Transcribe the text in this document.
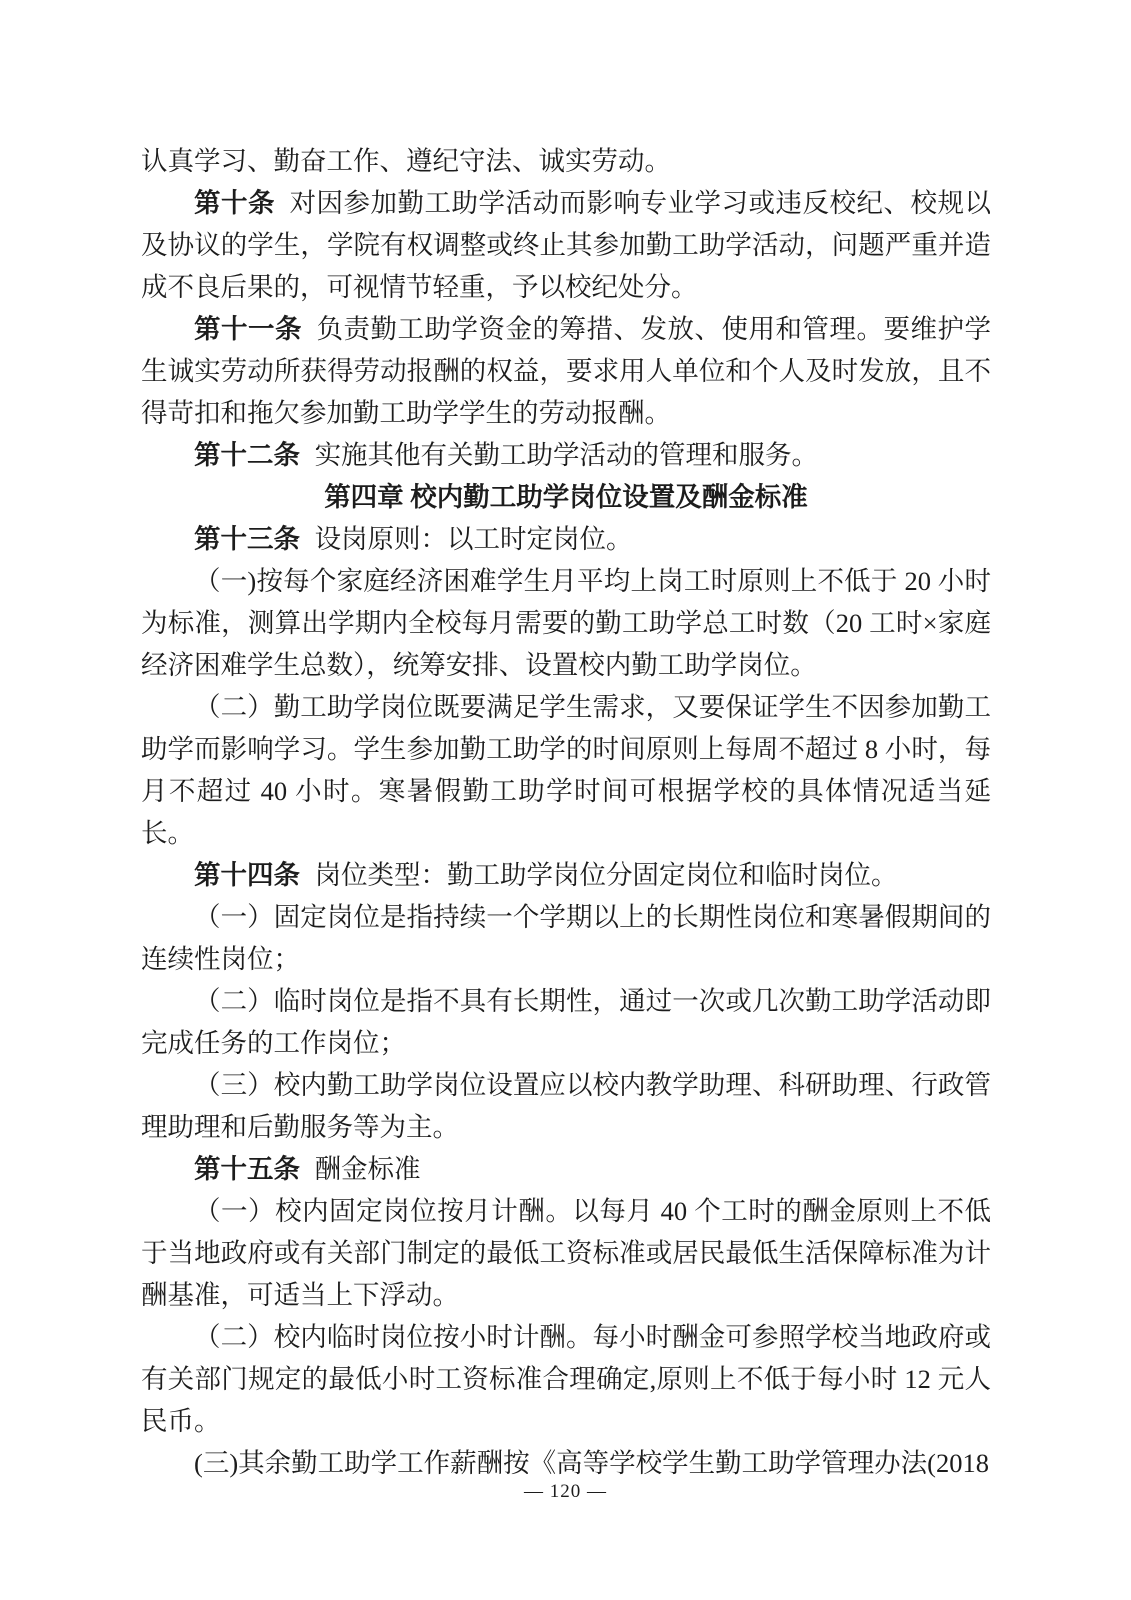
认真学习、勤奋工作、遵纪守法、诚实劳动。

第十条 对因参加勤工助学活动而影响专业学习或违反校纪、校规以及协议的学生，学院有权调整或终止其参加勤工助学活动，问题严重并造成不良后果的，可视情节轻重，予以校纪处分。

第十一条 负责勤工助学资金的筹措、发放、使用和管理。要维护学生诚实劳动所获得劳动报酬的权益，要求用人单位和个人及时发放，且不得苛扣和拖欠参加勤工助学学生的劳动报酬。

第十二条 实施其他有关勤工助学活动的管理和服务。

第四章 校内勤工助学岗位设置及酬金标准

第十三条 设岗原则：以工时定岗位。

（一)按每个家庭经济困难学生月平均上岗工时原则上不低于 20 小时为标准，测算出学期内全校每月需要的勤工助学总工时数（20 工时×家庭经济困难学生总数），统筹安排、设置校内勤工助学岗位。

（二）勤工助学岗位既要满足学生需求，又要保证学生不因参加勤工助学而影响学习。学生参加勤工助学的时间原则上每周不超过 8 小时，每月不超过 40 小时。寒暑假勤工助学时间可根据学校的具体情况适当延长。

第十四条 岗位类型：勤工助学岗位分固定岗位和临时岗位。

（一）固定岗位是指持续一个学期以上的长期性岗位和寒暑假期间的连续性岗位；

（二）临时岗位是指不具有长期性，通过一次或几次勤工助学活动即完成任务的工作岗位；

（三）校内勤工助学岗位设置应以校内教学助理、科研助理、行政管理助理和后勤服务等为主。

第十五条 酬金标准

（一）校内固定岗位按月计酬。以每月 40 个工时的酬金原则上不低于当地政府或有关部门制定的最低工资标准或居民最低生活保障标准为计酬基准，可适当上下浮动。

（二）校内临时岗位按小时计酬。每小时酬金可参照学校当地政府或有关部门规定的最低小时工资标准合理确定,原则上不低于每小时 12 元人民币。

(三)其余勤工助学工作薪酬按《高等学校学生勤工助学管理办法(2018

— 120 —
